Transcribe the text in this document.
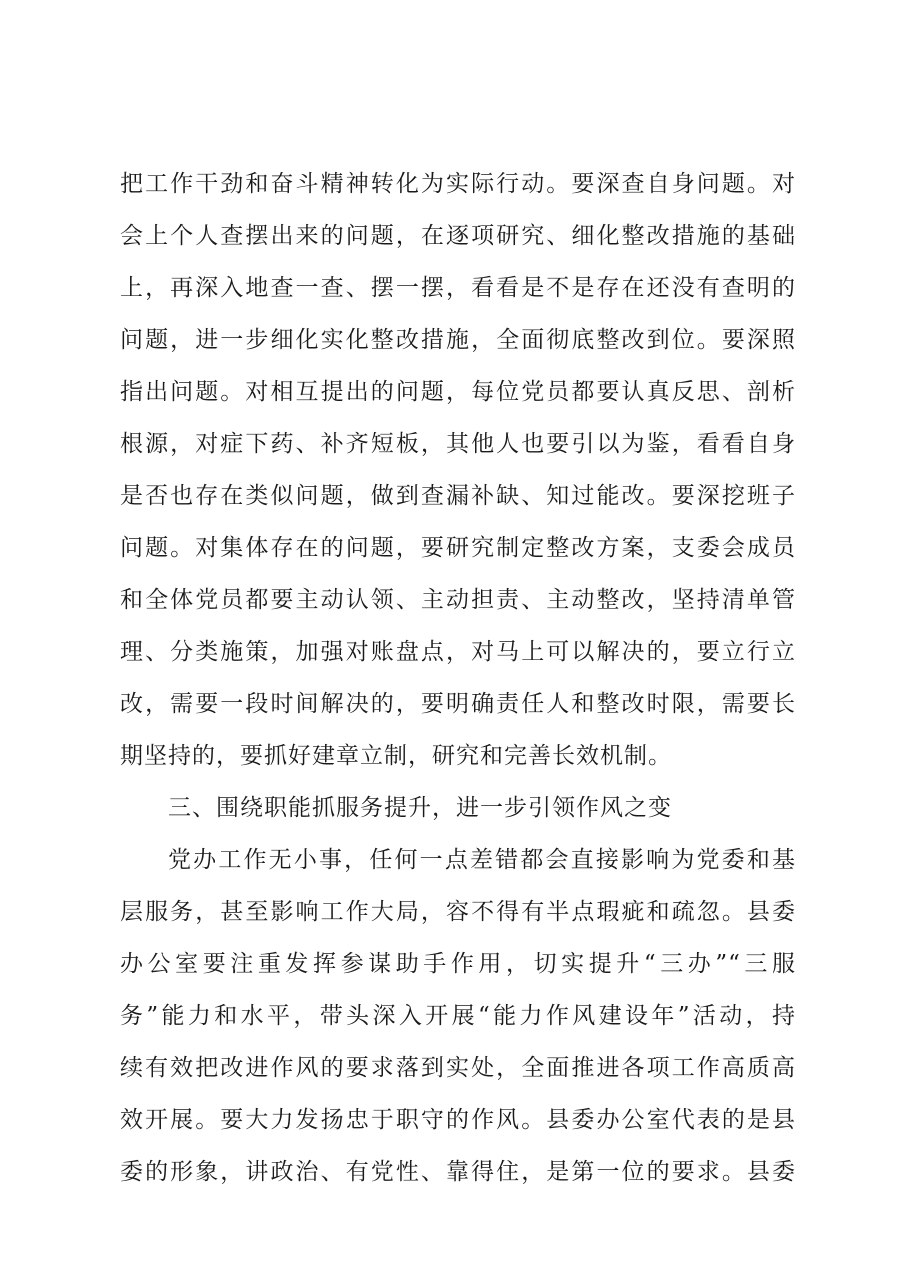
把工作干劲和奋斗精神转化为实际行动。要深查自身问题。对
会上个人查摆出来的问题，在逐项研究、细化整改措施的基础
上，再深入地查一查、摆一摆，看看是不是存在还没有查明的
问题，进一步细化实化整改措施，全面彻底整改到位。要深照
指出问题。对相互提出的问题，每位党员都要认真反思、剖析
根源，对症下药、补齐短板，其他人也要引以为鉴，看看自身
是否也存在类似问题，做到查漏补缺、知过能改。要深挖班子
问题。对集体存在的问题，要研究制定整改方案，支委会成员
和全体党员都要主动认领、主动担责、主动整改，坚持清单管
理、分类施策，加强对账盘点，对马上可以解决的，要立行立
改，需要一段时间解决的，要明确责任人和整改时限，需要长
期坚持的，要抓好建章立制，研究和完善长效机制。
三、围绕职能抓服务提升，进一步引领作风之变
党办工作无小事，任何一点差错都会直接影响为党委和基
层服务，甚至影响工作大局，容不得有半点瑕疵和疏忽。县委
办公室要注重发挥参谋助手作用，切实提升“三办”“三服
务”能力和水平，带头深入开展“能力作风建设年”活动，持
续有效把改进作风的要求落到实处，全面推进各项工作高质高
效开展。要大力发扬忠于职守的作风。县委办公室代表的是县
委的形象，讲政治、有党性、靠得住，是第一位的要求。县委
